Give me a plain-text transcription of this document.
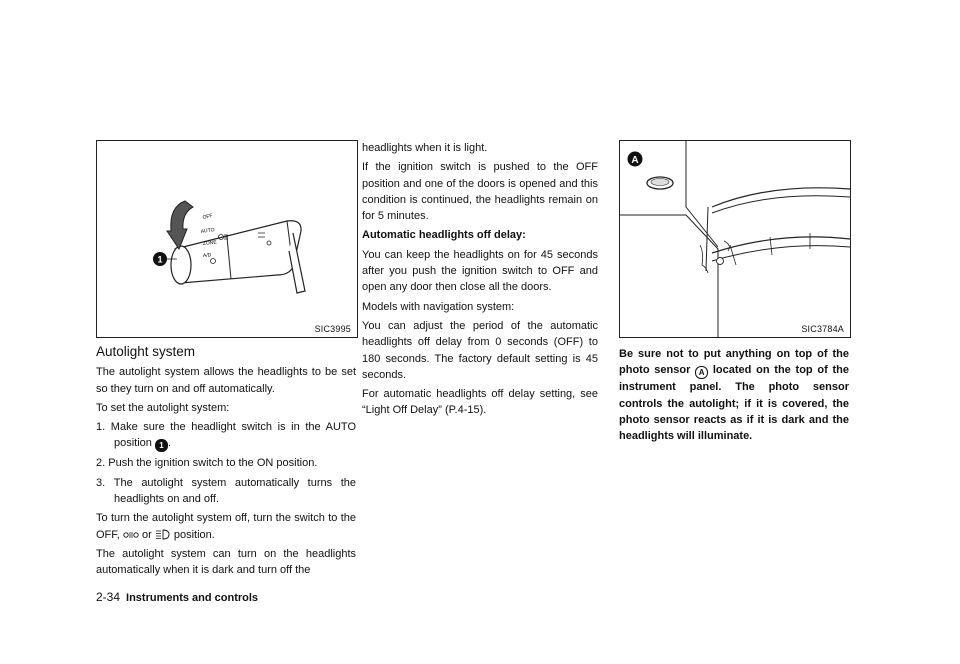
OFF
AUTO
ZONE
A/D
1
SIC3995
A
SIC3784A
Autolight system

The autolight system allows the headlights to be set so they turn on and off automatically.

To set the autolight system:

1. Make sure the headlight switch is in the AUTO position 1 .
2. Push the ignition switch to the ON position.
3. The autolight system automatically turns the headlights on and off.

To turn the autolight system off, turn the switch to the OFF, or position.

The autolight system can turn on the headlights automatically when it is dark and turn off the

headlights when it is light.

If the ignition switch is pushed to the OFF position and one of the doors is opened and this condition is continued, the headlights remain on for 5 minutes.

Automatic headlights off delay:

You can keep the headlights on for 45 seconds after you push the ignition switch to OFF and open any door then close all the doors.

Models with navigation system:

You can adjust the period of the automatic headlights off delay from 0 seconds (OFF) to 180 seconds. The factory default setting is 45 seconds.

For automatic headlights off delay setting, see “Light Off Delay” (P.4-15).

Be sure not to put anything on top of the photo sensor A located on the top of the instrument panel. The photo sensor controls the autolight; if it is covered, the photo sensor reacts as if it is dark and the headlights will illuminate.

2-34 Instruments and controls
